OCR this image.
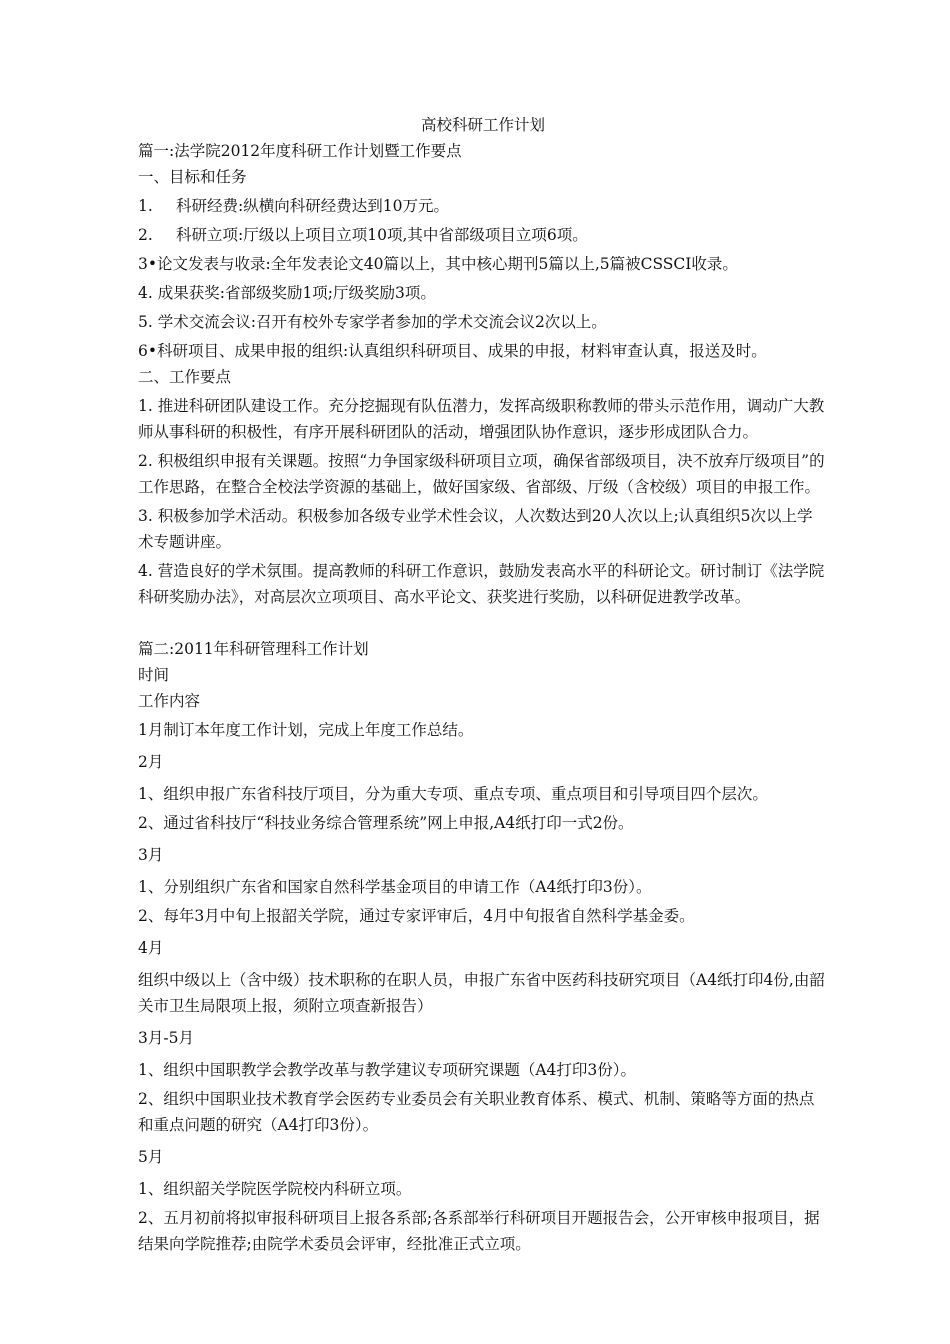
高校科研工作计划

篇一:法学院2012年度科研工作计划暨工作要点

一、目标和任务

1. 科研经费:纵横向科研经费达到10万元。

2. 科研立项:厅级以上项目立项10项,其中省部级项目立项6项。

3•论文发表与收录:全年发表论文40篇以上，其中核心期刊5篇以上,5篇被CSSCI收录。

4. 成果获奖:省部级奖励1项;厅级奖励3项。

5. 学术交流会议:召开有校外专家学者参加的学术交流会议2次以上。

6•科研项目、成果申报的组织:认真组织科研项目、成果的申报，材料审查认真，报送及时。

二、工作要点

1. 推进科研团队建设工作。充分挖掘现有队伍潜力，发挥高级职称教师的带头示范作用，调动广大教师从事科研的积极性，有序开展科研团队的活动，增强团队协作意识，逐步形成团队合力。

2. 积极组织申报有关课题。按照“力争国家级科研项目立项，确保省部级项目，决不放弃厅级项目”的工作思路，在整合全校法学资源的基础上，做好国家级、省部级、厅级（含校级）项目的申报工作。

3. 积极参加学术活动。积极参加各级专业学术性会议，人次数达到20人次以上;认真组织5次以上学术专题讲座。

4. 营造良好的学术氛围。提高教师的科研工作意识，鼓励发表高水平的科研论文。研讨制订《法学院科研奖励办法》，对高层次立项项目、高水平论文、获奖进行奖励，以科研促进教学改革。

篇二:2011年科研管理科工作计划

时间

工作内容

1月制订本年度工作计划，完成上年度工作总结。

2月

1、组织申报广东省科技厅项目，分为重大专项、重点专项、重点项目和引导项目四个层次。

2、通过省科技厅“科技业务综合管理系统”网上申报,A4纸打印一式2份。

3月

1、分别组织广东省和国家自然科学基金项目的申请工作（A4纸打印3份）。

2、每年3月中旬上报韶关学院，通过专家评审后，4月中旬报省自然科学基金委。

4月

组织中级以上（含中级）技术职称的在职人员，申报广东省中医药科技研究项目（A4纸打印4份,由韶关市卫生局限项上报，须附立项查新报告）

3月-5月

1、组织中国职教学会教学改革与教学建议专项研究课题（A4打印3份）。

2、组织中国职业技术教育学会医药专业委员会有关职业教育体系、模式、机制、策略等方面的热点和重点问题的研究（A4打印3份）。

5月

1、组织韶关学院医学院校内科研立项。

2、五月初前将拟审报科研项目上报各系部;各系部举行科研项目开题报告会，公开审核申报项目，据结果向学院推荐;由院学术委员会评审，经批准正式立项。
